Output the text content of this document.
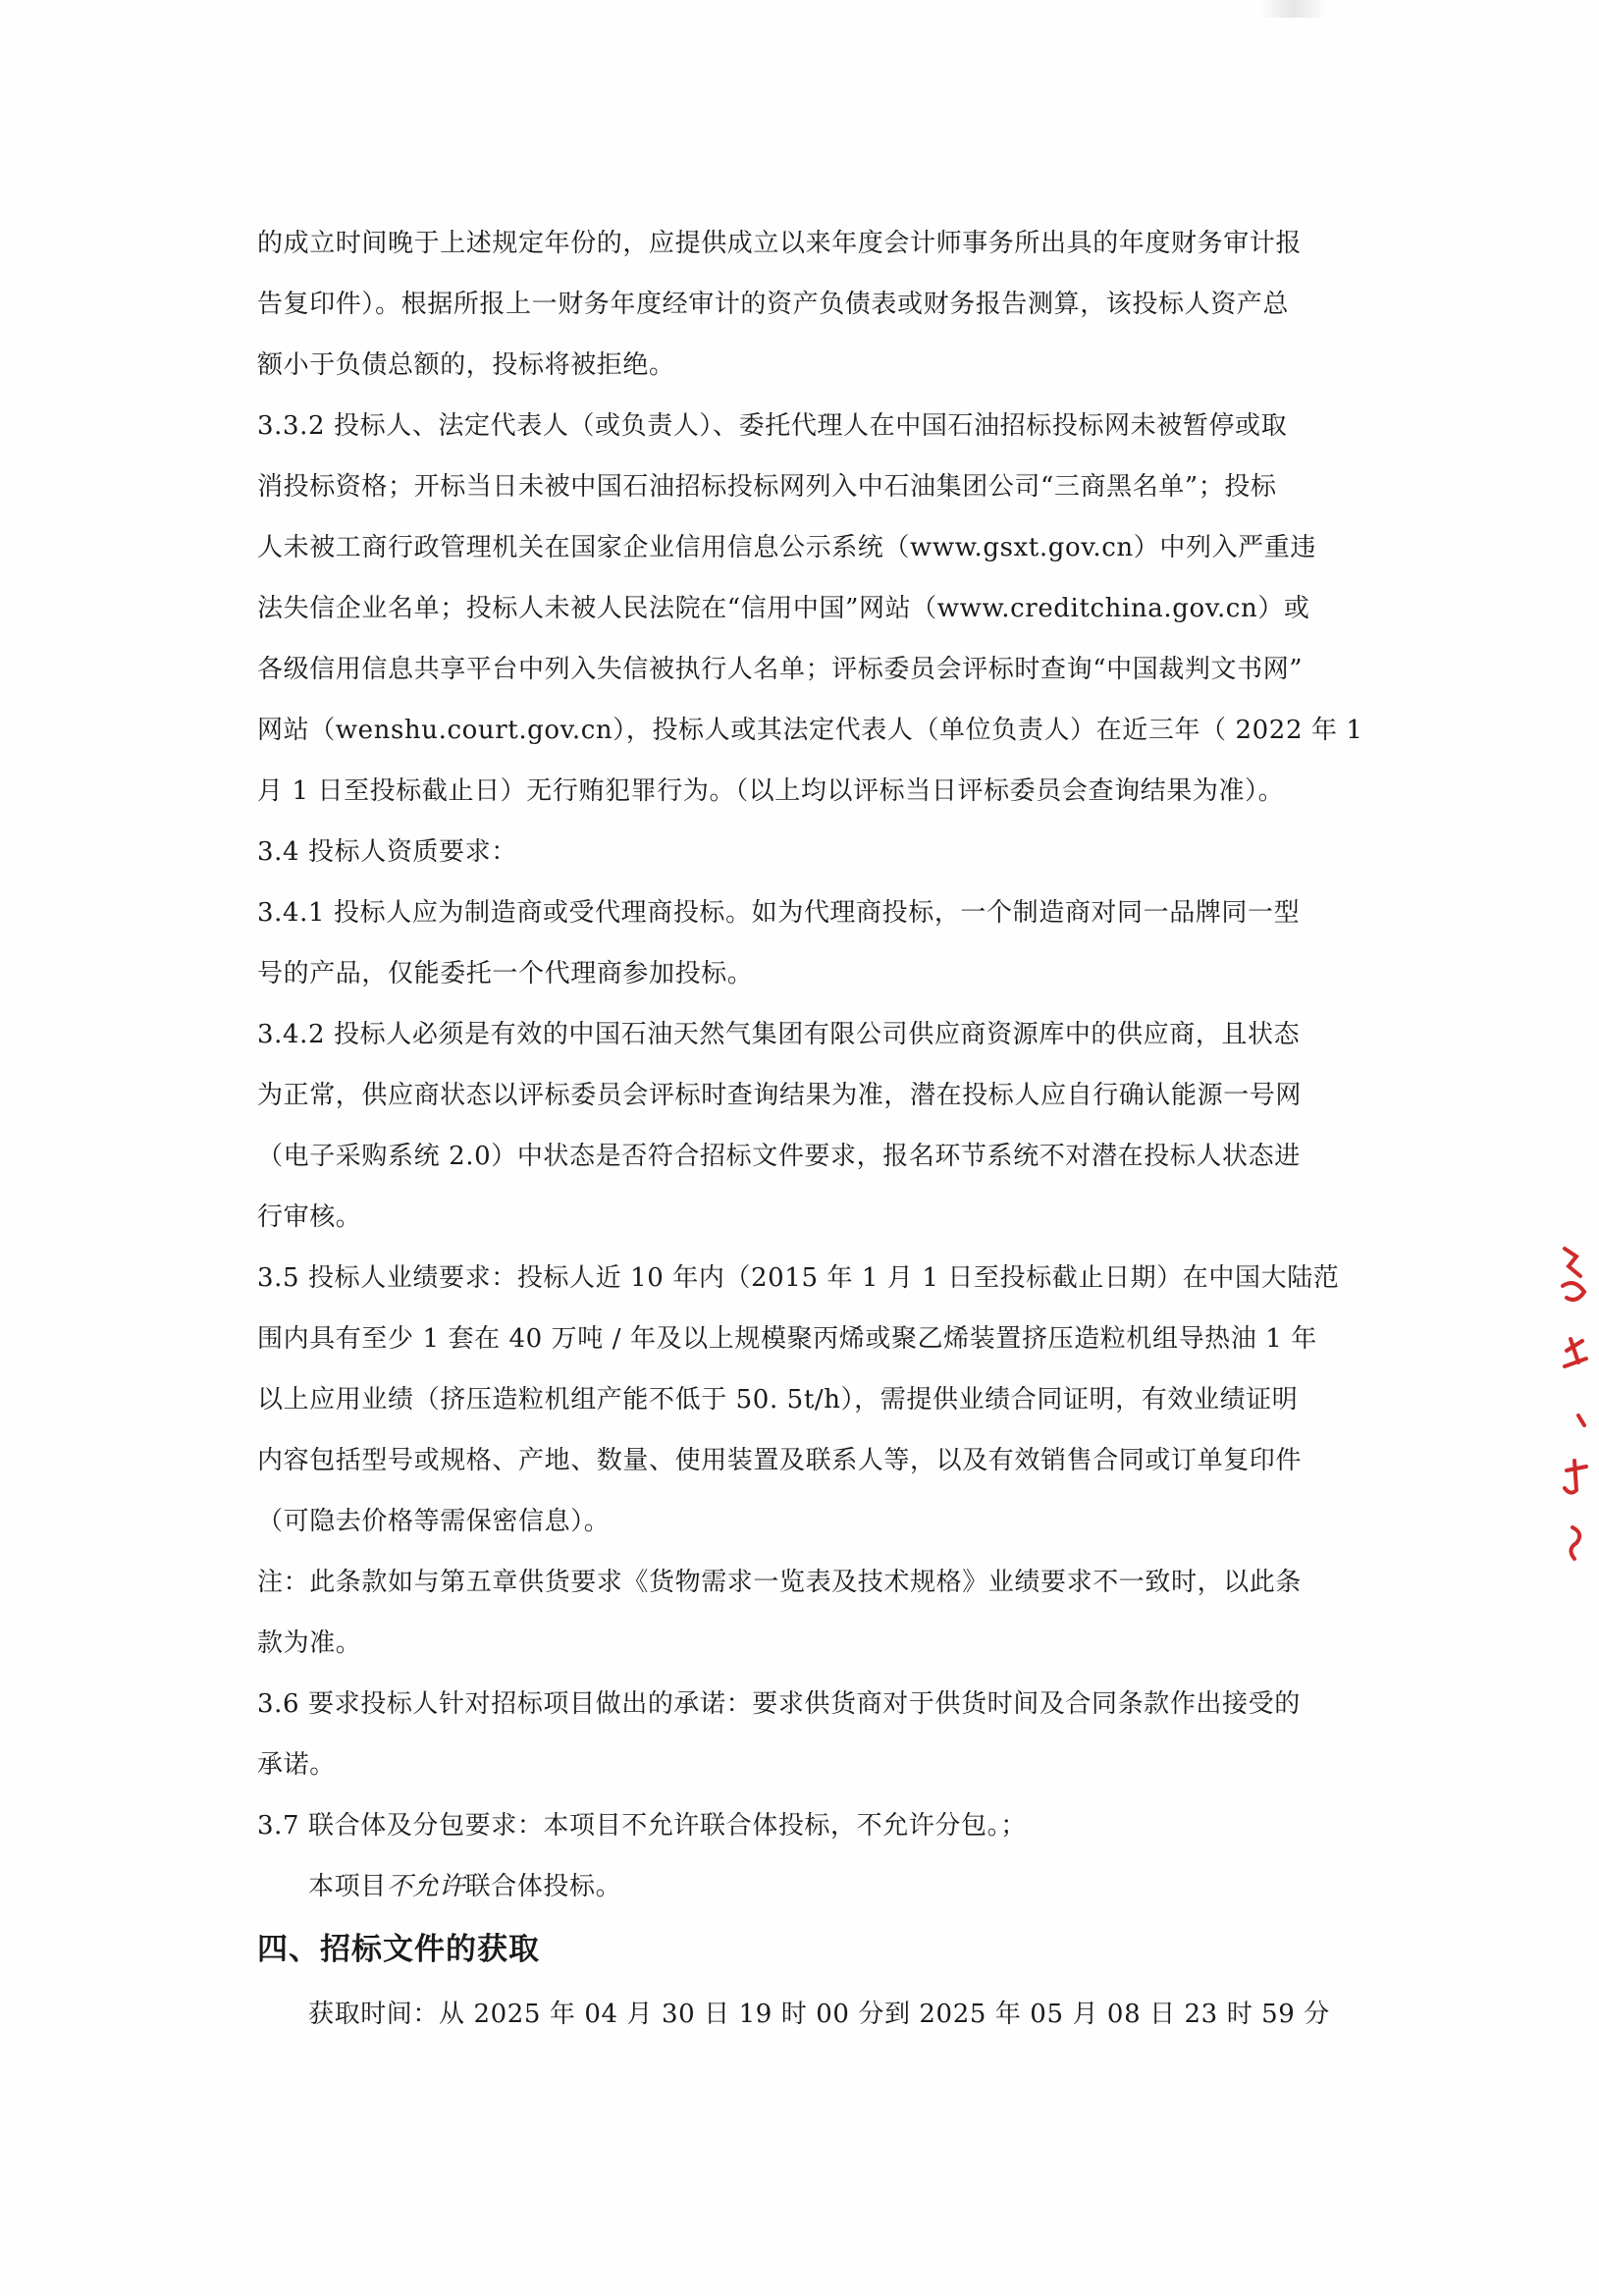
的成立时间晚于上述规定年份的，应提供成立以来年度会计师事务所出具的年度财务审计报
告复印件）。根据所报上一财务年度经审计的资产负债表或财务报告测算，该投标人资产总
额小于负债总额的，投标将被拒绝。
3.3.2 投标人、法定代表人（或负责人）、委托代理人在中国石油招标投标网未被暂停或取
消投标资格；开标当日未被中国石油招标投标网列入中石油集团公司“三商黑名单”；投标
人未被工商行政管理机关在国家企业信用信息公示系统（www.gsxt.gov.cn）中列入严重违
法失信企业名单；投标人未被人民法院在“信用中国”网站（www.creditchina.gov.cn）或
各级信用信息共享平台中列入失信被执行人名单；评标委员会评标时查询“中国裁判文书网”
网站（wenshu.court.gov.cn），投标人或其法定代表人（单位负责人）在近三年（ 2022 年 1
月 1 日至投标截止日）无行贿犯罪行为。（以上均以评标当日评标委员会查询结果为准）。
3.4 投标人资质要求：
3.4.1 投标人应为制造商或受代理商投标。如为代理商投标，一个制造商对同一品牌同一型
号的产品，仅能委托一个代理商参加投标。
3.4.2 投标人必须是有效的中国石油天然气集团有限公司供应商资源库中的供应商，且状态
为正常，供应商状态以评标委员会评标时查询结果为准，潜在投标人应自行确认能源一号网
（电子采购系统 2.0）中状态是否符合招标文件要求，报名环节系统不对潜在投标人状态进
行审核。
3.5 投标人业绩要求：投标人近 10 年内（2015 年 1 月 1 日至投标截止日期）在中国大陆范
围内具有至少 1 套在 40 万吨 / 年及以上规模聚丙烯或聚乙烯装置挤压造粒机组导热油 1 年
以上应用业绩（挤压造粒机组产能不低于 50. 5t/h），需提供业绩合同证明，有效业绩证明
内容包括型号或规格、产地、数量、使用装置及联系人等，以及有效销售合同或订单复印件
（可隐去价格等需保密信息）。
注：此条款如与第五章供货要求《货物需求一览表及技术规格》业绩要求不一致时，以此条
款为准。
3.6 要求投标人针对招标项目做出的承诺：要求供货商对于供货时间及合同条款作出接受的
承诺。
3.7 联合体及分包要求：本项目不允许联合体投标，不允许分包。；
本项目不允许联合体投标。
四、招标文件的获取
获取时间：从 2025 年 04 月 30 日 19 时 00 分到 2025 年 05 月 08 日 23 时 59 分
